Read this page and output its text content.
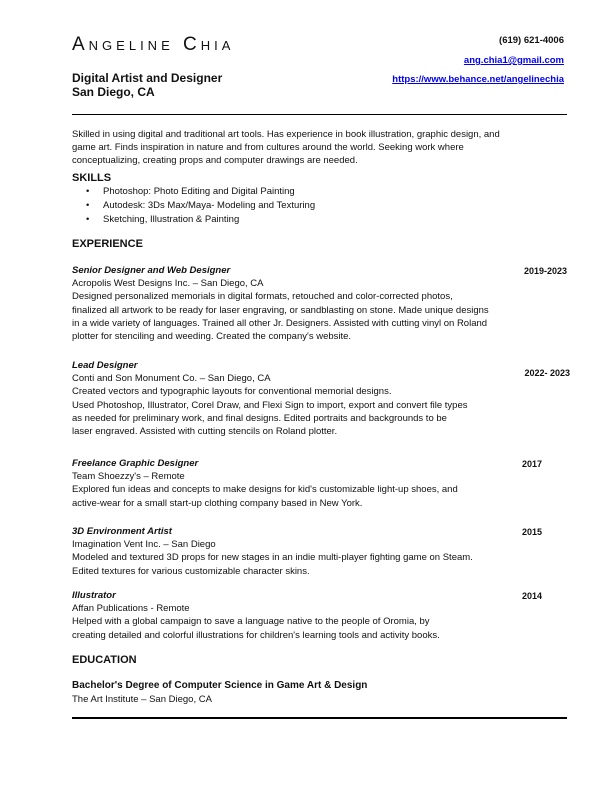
Angeline Chia	(619) 621-4006
ang.chia1@gmail.com
https://www.behance.net/angelinechia
Digital Artist and Designer
San Diego, CA
Skilled in using digital and traditional art tools. Has experience in book illustration, graphic design, and
game art. Finds inspiration in nature and from cultures around the world. Seeking work where
conceptualizing, creating props and computer drawings are needed.
SKILLS
• Photoshop: Photo Editing and Digital Painting
• Autodesk: 3Ds Max/Maya- Modeling and Texturing
• Sketching, Illustration & Painting
EXPERIENCE
Senior Designer and Web Designer
Acropolis West Designs Inc. – San Diego, CA
Designed personalized memorials in digital formats, retouched and color-corrected photos,
finalized all artwork to be ready for laser engraving, or sandblasting on stone. Made unique designs
in a wide variety of languages. Trained all other Jr. Designers. Assisted with cutting vinyl on Roland
plotter for stenciling and weeding. Created the company's website.
2019-2023
Lead Designer
Conti and Son Monument Co. – San Diego, CA
Created vectors and typographic layouts for conventional memorial designs.
Used Photoshop, Illustrator, Corel Draw, and Flexi Sign to import, export and convert file types
as needed for preliminary work, and final designs. Edited portraits and backgrounds to be
laser engraved. Assisted with cutting stencils on Roland plotter.
2022- 2023
Freelance Graphic Designer
Team Shoezzy's – Remote
Explored fun ideas and concepts to make designs for kid's customizable light-up shoes, and
active-wear for a small start-up clothing company based in New York.
2017
3D Environment Artist
Imagination Vent Inc. – San Diego
Modeled and textured 3D props for new stages in an indie multi-player fighting game on Steam.
Edited textures for various customizable character skins.
2015
Illustrator
Affan Publications - Remote
Helped with a global campaign to save a language native to the people of Oromia, by
creating detailed and colorful illustrations for children's learning tools and activity books.
2014
EDUCATION
Bachelor's Degree of Computer Science in Game Art & Design
The Art Institute – San Diego, CA
